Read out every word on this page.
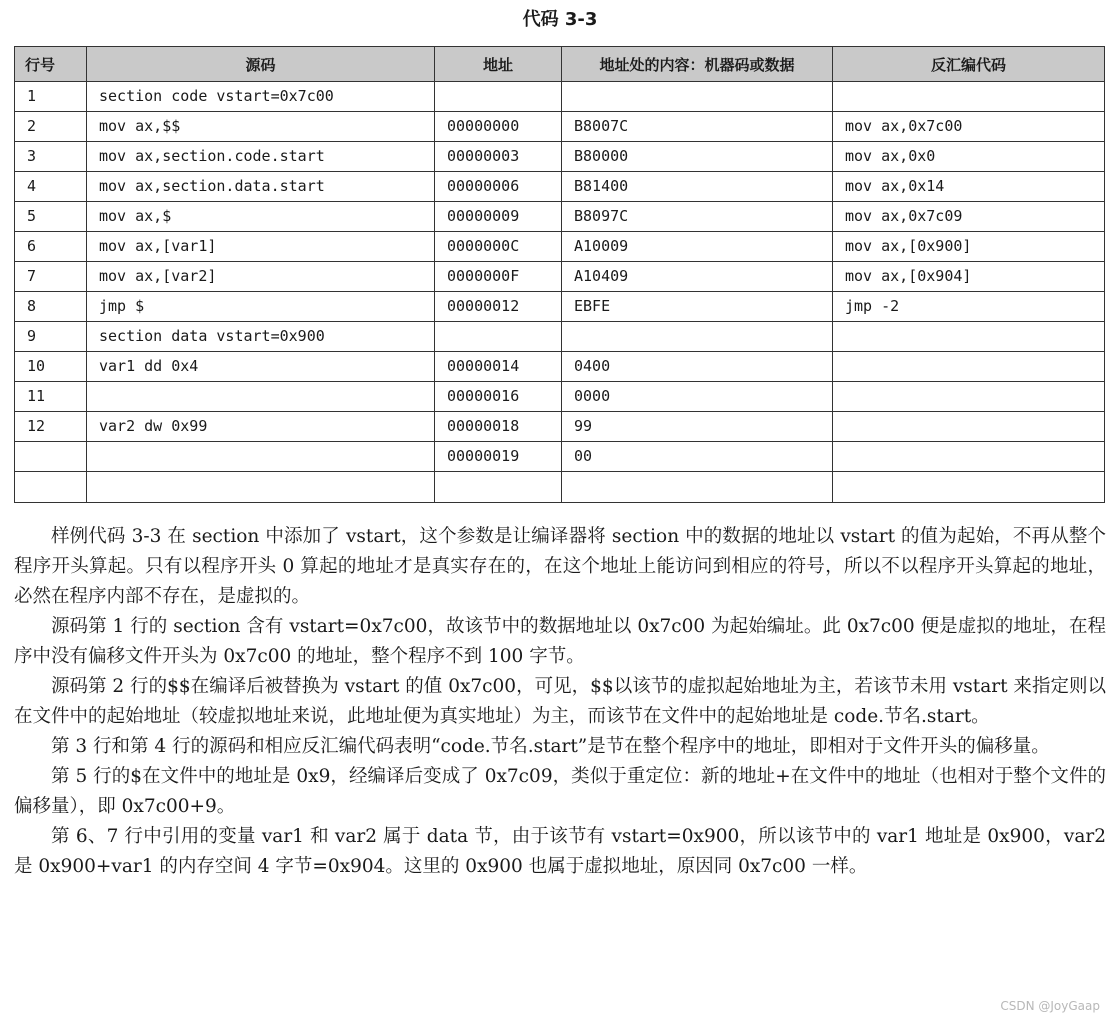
代码 3-3
行号	源码	地址	地址处的内容：机器码或数据	反汇编代码
1	section code vstart=0x7c00			
2	mov ax,$$	00000000	B8007C	mov ax,0x7c00
3	mov ax,section.code.start	00000003	B80000	mov ax,0x0
4	mov ax,section.data.start	00000006	B81400	mov ax,0x14
5	mov ax,$	00000009	B8097C	mov ax,0x7c09
6	mov ax,[var1]	0000000C	A10009	mov ax,[0x900]
7	mov ax,[var2]	0000000F	A10409	mov ax,[0x904]
8	jmp $	00000012	EBFE	jmp -2
9	section data vstart=0x900			
10	var1 dd 0x4	00000014	0400	
11		00000016	0000	
12	var2 dw 0x99	00000018	99	
		00000019	00	

样例代码 3-3 在 section 中添加了 vstart，这个参数是让编译器将 section 中的数据的地址以 vstart 的值为起始，不再从整个程序开头算起。只有以程序开头 0 算起的地址才是真实存在的，在这个地址上能访问到相应的符号，所以不以程序开头算起的地址，必然在程序内部不存在，是虚拟的。

源码第 1 行的 section 含有 vstart=0x7c00，故该节中的数据地址以 0x7c00 为起始编址。此 0x7c00 便是虚拟的地址，在程序中没有偏移文件开头为 0x7c00 的地址，整个程序不到 100 字节。

源码第 2 行的$$在编译后被替换为 vstart 的值 0x7c00，可见，$$以该节的虚拟起始地址为主，若该节未用 vstart 来指定则以在文件中的起始地址（较虚拟地址来说，此地址便为真实地址）为主，而该节在文件中的起始地址是 code.节名.start。

第 3 行和第 4 行的源码和相应反汇编代码表明“code.节名.start”是节在整个程序中的地址，即相对于文件开头的偏移量。

第 5 行的$在文件中的地址是 0x9，经编译后变成了 0x7c09，类似于重定位：新的地址+在文件中的地址（也相对于整个文件的偏移量），即 0x7c00+9。

第 6、7 行中引用的变量 var1 和 var2 属于 data 节，由于该节有 vstart=0x900，所以该节中的 var1 地址是 0x900，var2 是 0x900+var1 的内存空间 4 字节=0x904。这里的 0x900 也属于虚拟地址，原因同 0x7c00 一样。

CSDN @JoyGaap
